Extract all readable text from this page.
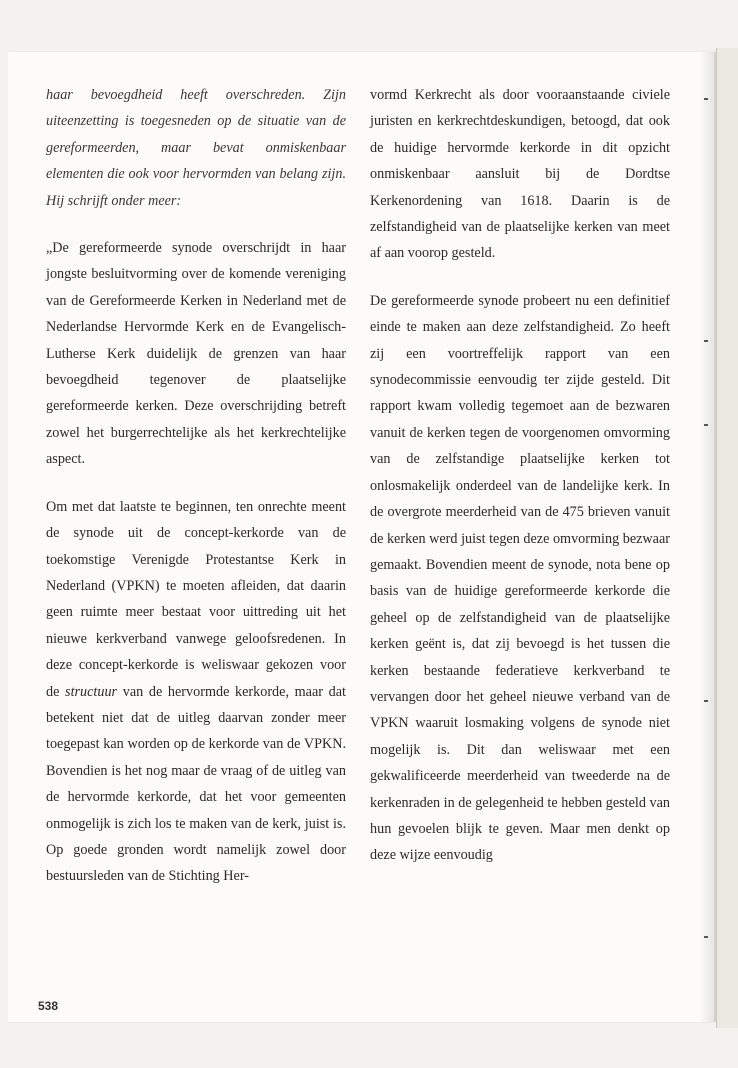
haar bevoegdheid heeft overschreden. Zijn uiteenzetting is toegesneden op de situatie van de gereformeerden, maar bevat onmiskenbaar elementen die ook voor hervormden van belang zijn. Hij schrijft onder meer:

„De gereformeerde synode overschrijdt in haar jongste besluitvorming over de komende vereniging van de Gereformeerde Kerken in Nederland met de Nederlandse Hervormde Kerk en de Evangelisch-Lutherse Kerk duidelijk de grenzen van haar bevoegdheid tegenover de plaatselijke gereformeerde kerken. Deze overschrijding betreft zowel het burgerrechtelijke als het kerkrechtelijke aspect.

Om met dat laatste te beginnen, ten onrechte meent de synode uit de concept-kerkorde van de toekomstige Verenigde Protestantse Kerk in Nederland (VPKN) te moeten afleiden, dat daarin geen ruimte meer bestaat voor uittreding uit het nieuwe kerkverband vanwege geloofsredenen. In deze concept-kerkorde is weliswaar gekozen voor de structuur van de hervormde kerkorde, maar dat betekent niet dat de uitleg daarvan zonder meer toegepast kan worden op de kerkorde van de VPKN. Bovendien is het nog maar de vraag of de uitleg van de hervormde kerkorde, dat het voor gemeenten onmogelijk is zich los te maken van de kerk, juist is. Op goede gronden wordt namelijk zowel door bestuursleden van de Stichting Her-

vormd Kerkrecht als door vooraanstaande civiele juristen en kerkrechtdeskundigen, betoogd, dat ook de huidige hervormde kerkorde in dit opzicht onmiskenbaar aansluit bij de Dordtse Kerkenordening van 1618. Daarin is de zelfstandigheid van de plaatselijke kerken van meet af aan voorop gesteld.

De gereformeerde synode probeert nu een definitief einde te maken aan deze zelfstandigheid. Zo heeft zij een voortreffelijk rapport van een synodecommissie eenvoudig ter zijde gesteld. Dit rapport kwam volledig tegemoet aan de bezwaren vanuit de kerken tegen de voorgenomen omvorming van de zelfstandige plaatselijke kerken tot onlosmakelijk onderdeel van de landelijke kerk. In de overgrote meerderheid van de 475 brieven vanuit de kerken werd juist tegen deze omvorming bezwaar gemaakt. Bovendien meent de synode, nota bene op basis van de huidige gereformeerde kerkorde die geheel op de zelfstandigheid van de plaatselijke kerken geënt is, dat zij bevoegd is het tussen die kerken bestaande federatieve kerkverband te vervangen door het geheel nieuwe verband van de VPKN waaruit losmaking volgens de synode niet mogelijk is. Dit dan weliswaar met een gekwalificeerde meerderheid van tweederde na de kerkenraden in de gelegenheid te hebben gesteld van hun gevoelen blijk te geven. Maar men denkt op deze wijze eenvoudig

538
